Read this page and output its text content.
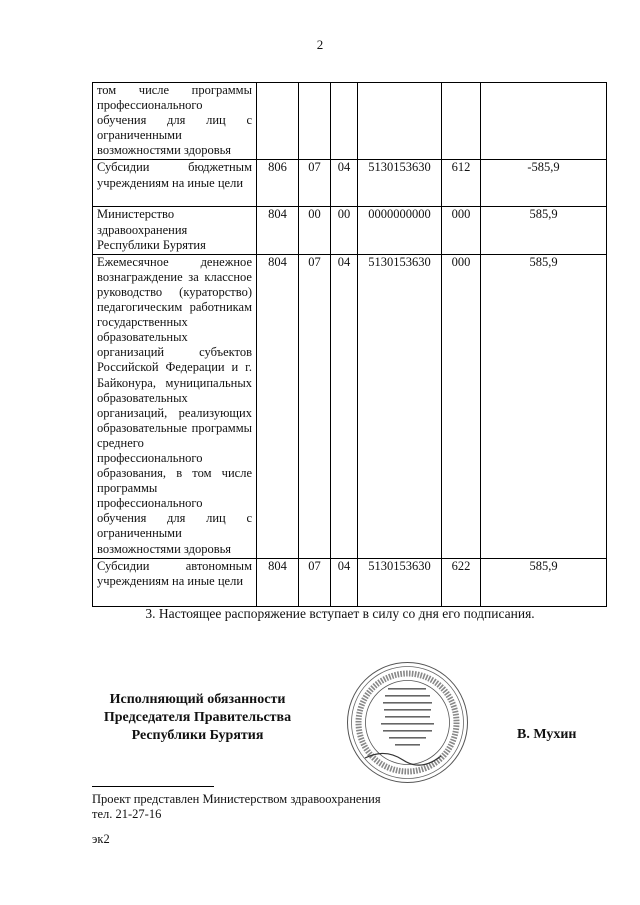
2
том числе программы профессионального обучения для лиц с ограниченными возможностями здоровья						
Субсидии бюджетным учреждениям на иные цели	806	07	04	5130153630	612	-585,9
Министерство здравоохранения Республики Бурятия	804	00	00	0000000000	000	585,9
Ежемесячное денежное вознаграждение за классное руководство (кураторство) педагогическим работникам государственных образовательных организаций субъектов Российской Федерации и г. Байконура, муниципальных образовательных организаций, реализующих образовательные программы среднего профессионального образования, в том числе программы профессионального обучения для лиц с ограниченными возможностями здоровья	804	07	04	5130153630	000	585,9
Субсидии автономным учреждениям на иные цели	804	07	04	5130153630	622	585,9
3. Настоящее распоряжение вступает в силу со дня его подписания.
Исполняющий обязанности
Председателя Правительства
Республики Бурятия	В. Мухин
Проект представлен Министерством здравоохранения
тел. 21-27-16
эк2
